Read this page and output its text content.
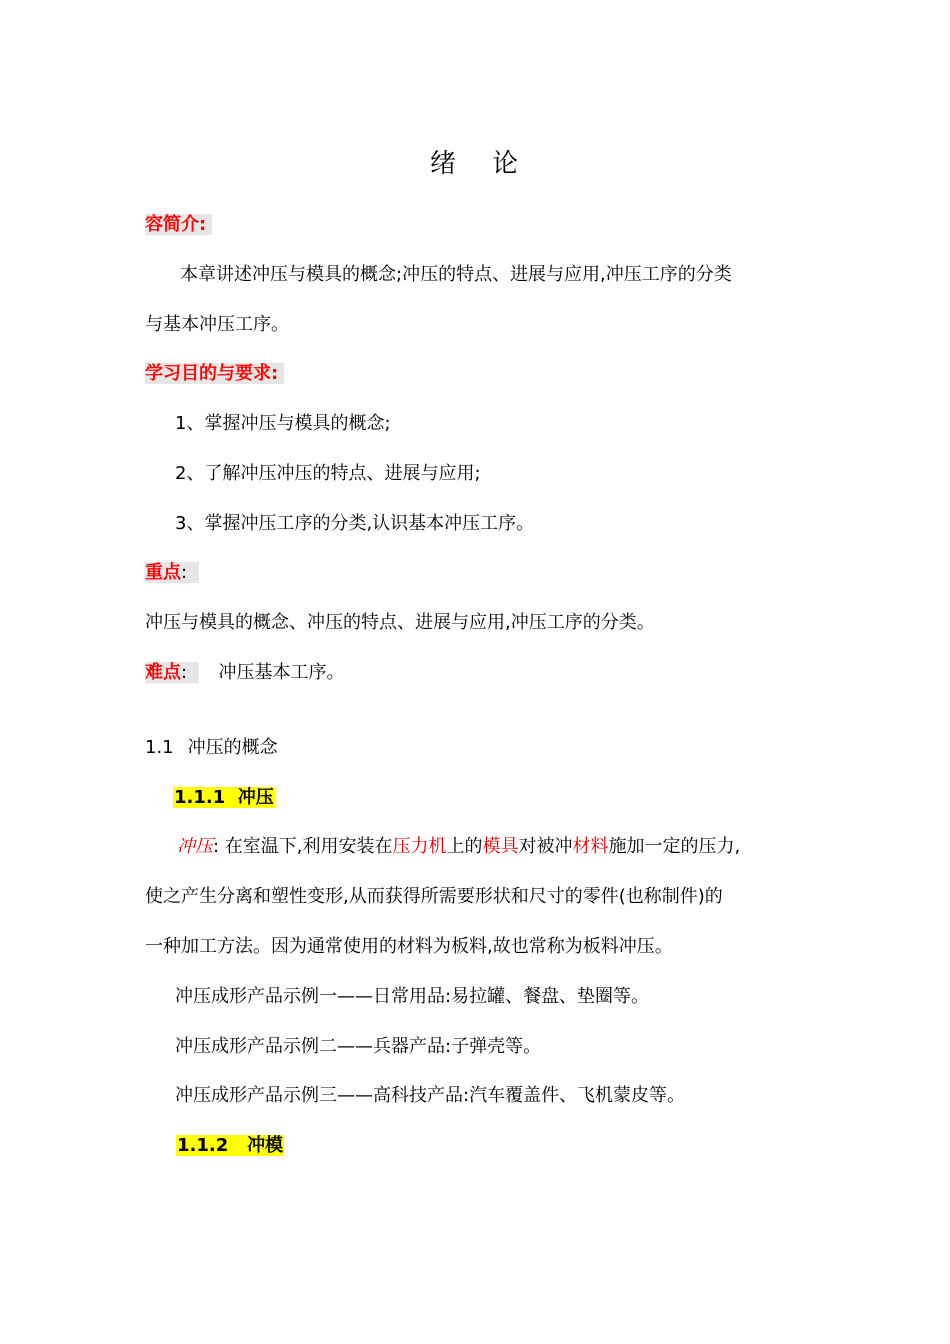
绪 论
容简介:
本章讲述冲压与模具的概念;冲压的特点、进展与应用,冲压工序的分类
与基本冲压工序。
学习目的与要求:
1、掌握冲压与模具的概念;
2、了解冲压冲压的特点、进展与应用;
3、掌握冲压工序的分类,认识基本冲压工序。
重点:
冲压与模具的概念、冲压的特点、进展与应用,冲压工序的分类。
难点: 冲压基本工序。
1.1 冲压的概念
1.1.1 冲压
冲压: 在室温下,利用安装在压力机上的模具对被冲材料施加一定的压力,
使之产生分离和塑性变形,从而获得所需要形状和尺寸的零件(也称制件)的
一种加工方法。因为通常使用的材料为板料,故也常称为板料冲压。
冲压成形产品示例一——日常用品:易拉罐、餐盘、垫圈等。
冲压成形产品示例二——兵器产品:子弹壳等。
冲压成形产品示例三——高科技产品:汽车覆盖件、飞机蒙皮等。
1.1.2 冲模
